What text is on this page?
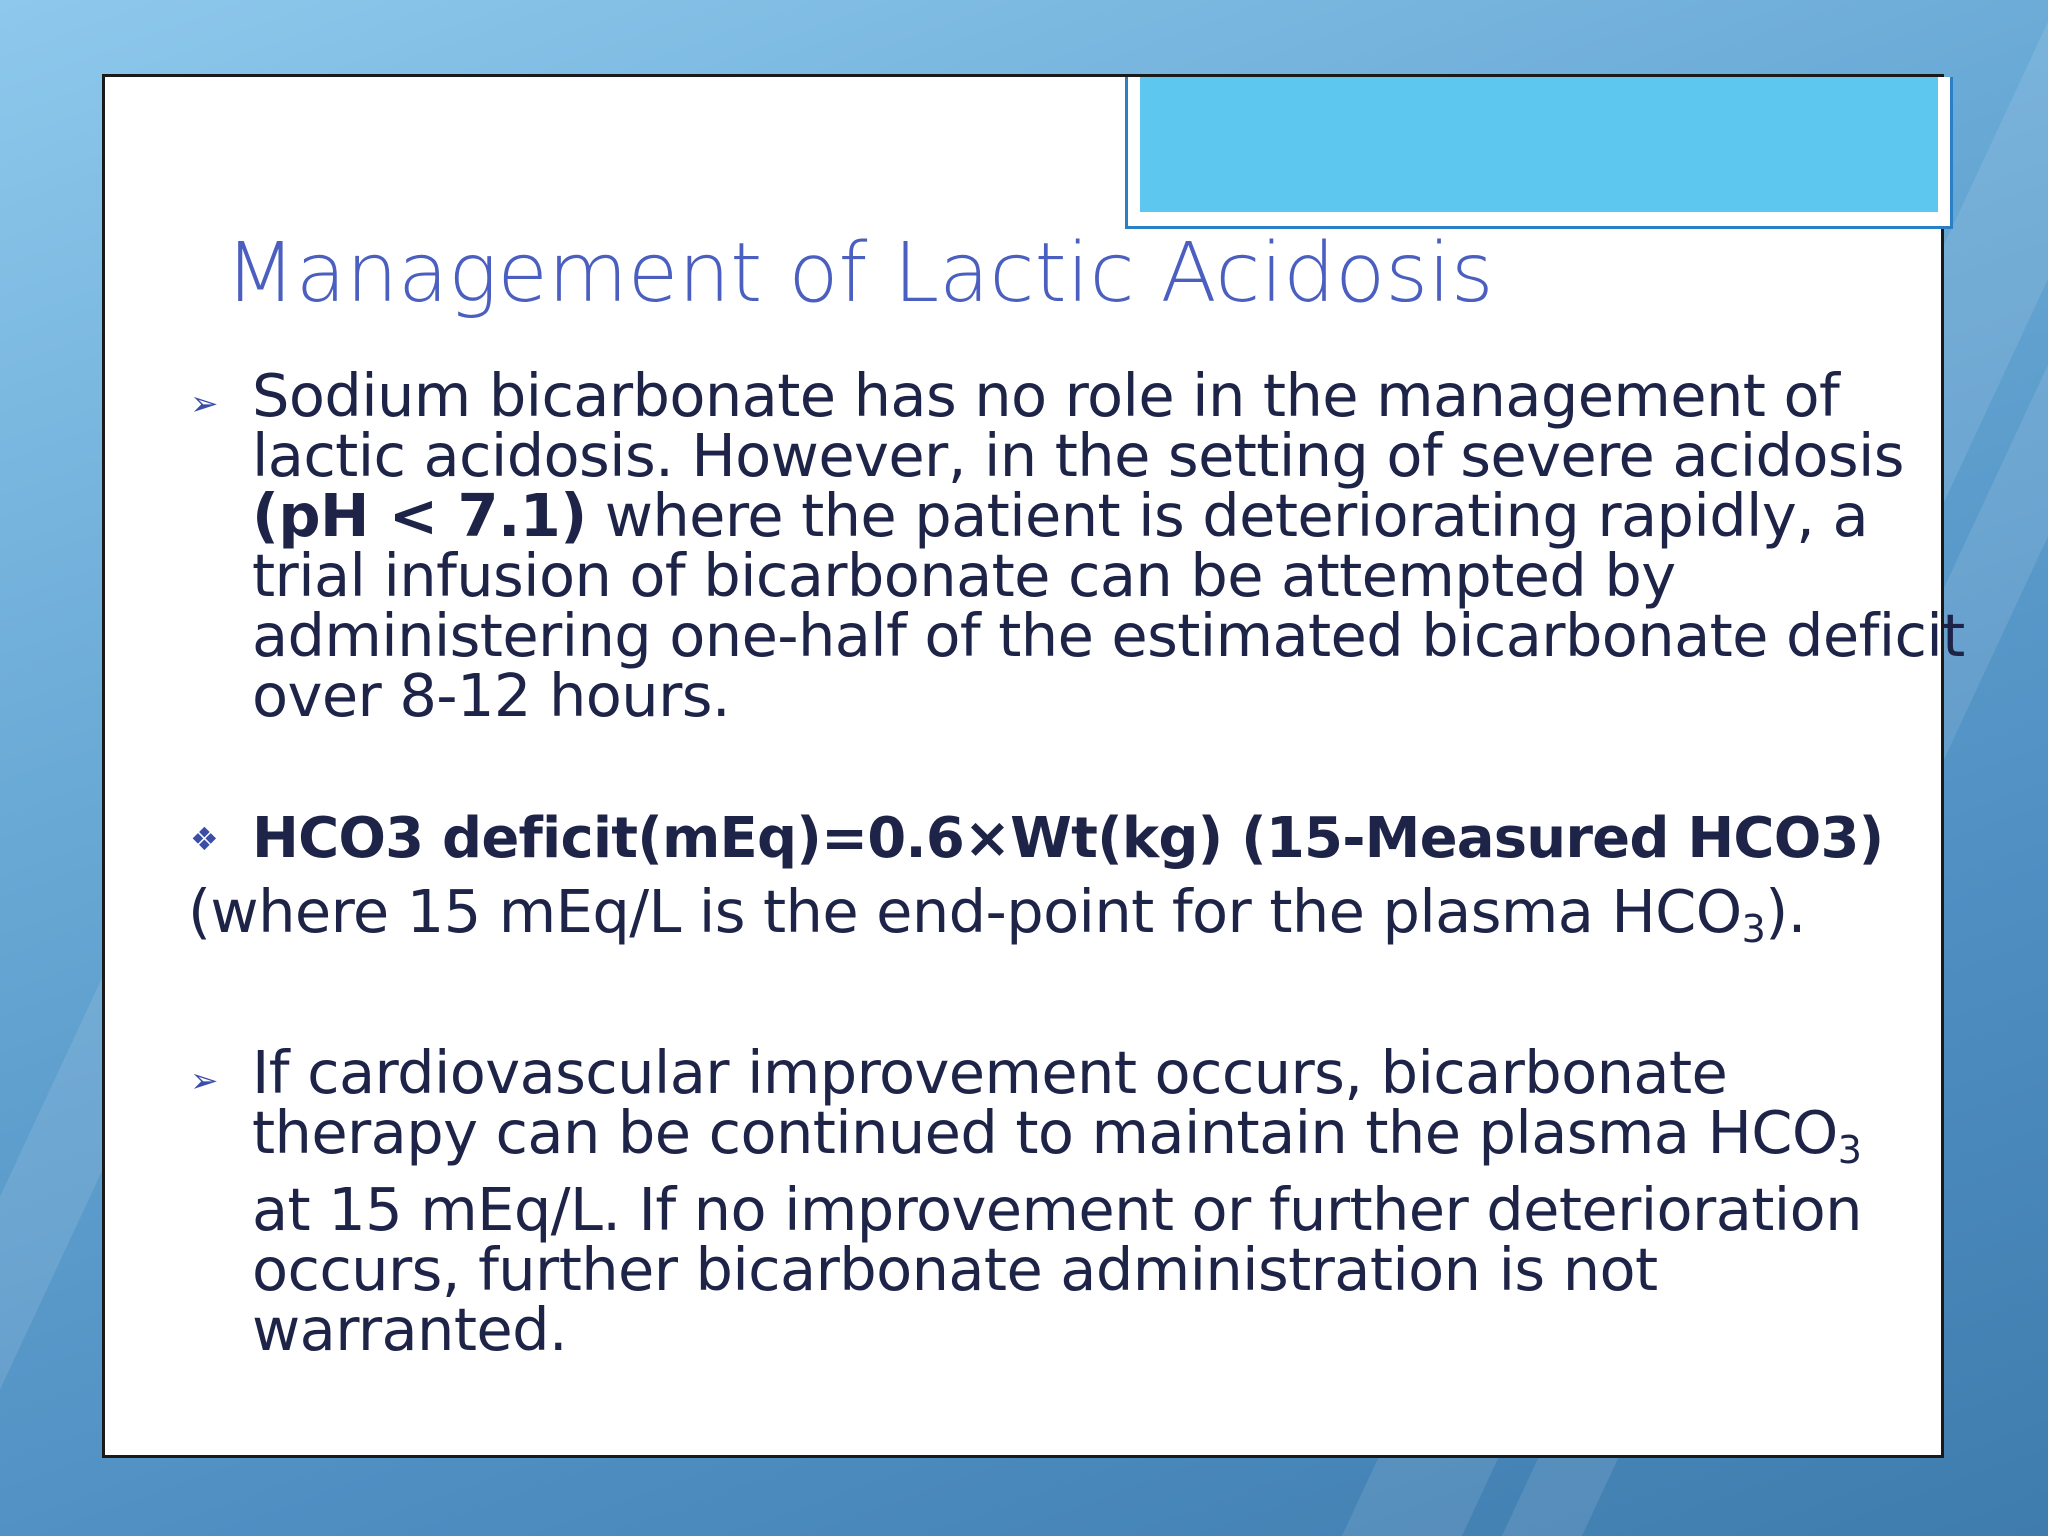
Management of Lactic Acidosis
➢ Sodium bicarbonate has no role in the management of lactic acidosis. However, in the setting of severe acidosis (pH < 7.1) where the patient is deteriorating rapidly, a trial infusion of bicarbonate can be attempted by administering one-half of the estimated bicarbonate deficit over 8-12 hours.
❖ HCO3 deficit(mEq)=0.6×Wt(kg) (15-Measured HCO3)
(where 15 mEq/L is the end-point for the plasma $HCO_3$).
➢ If cardiovascular improvement occurs, bicarbonate therapy can be continued to maintain the plasma $HCO_3$ at 15 mEq/L. If no improvement or further deterioration occurs, further bicarbonate administration is not warranted.
